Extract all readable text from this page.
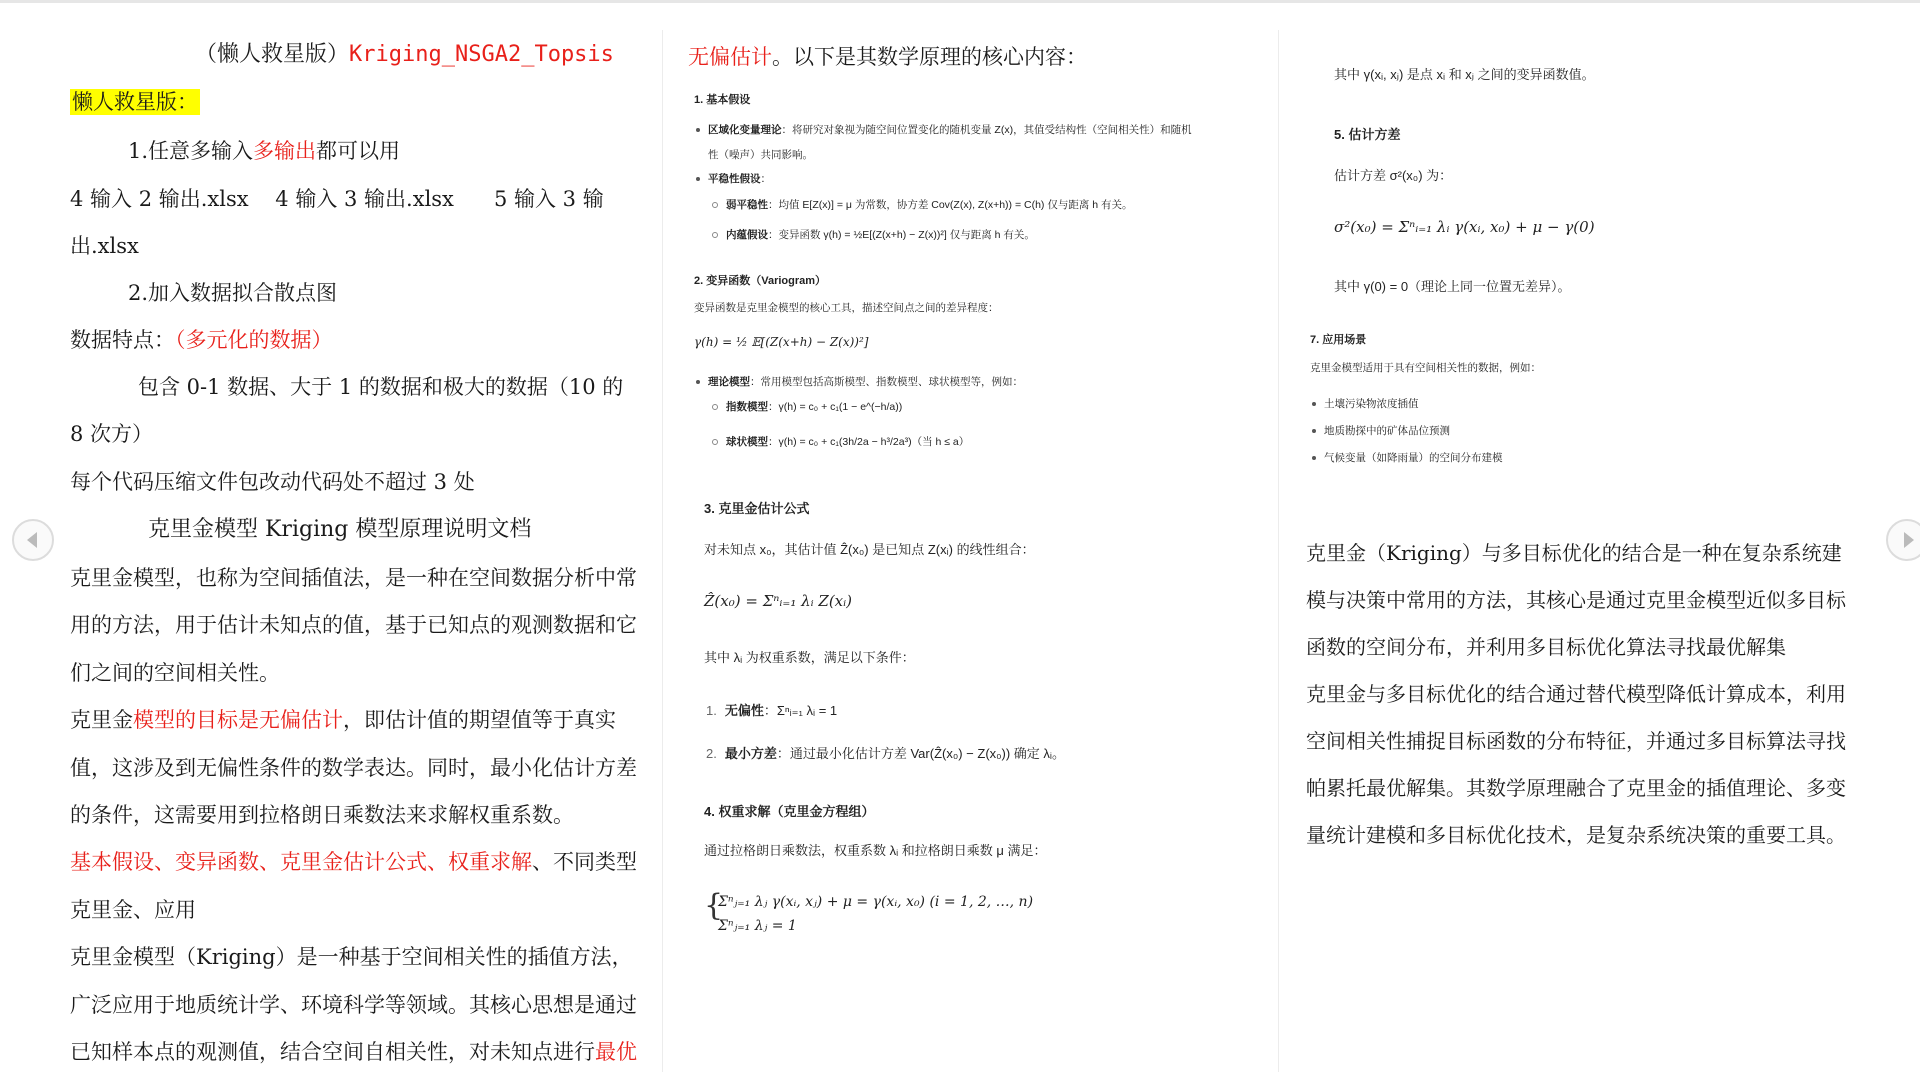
（懒人救星版）Kriging_NSGA2_Topsis
懒人救星版：
1.任意多输入多输出都可以用
4 输入 2 输出.xlsx    4 输入 3 输出.xlsx      5 输入 3 输
出.xlsx
2.加入数据拟合散点图
数据特点：（多元化的数据）
包含 0-1 数据、大于 1 的数据和极大的数据（10 的
8 次方）
每个代码压缩文件包改动代码处不超过 3 处
克里金模型 Kriging 模型原理说明文档
克里金模型，也称为空间插值法，是一种在空间数据分析中常
用的方法，用于估计未知点的值，基于已知点的观测数据和它
们之间的空间相关性。
克里金模型的目标是无偏估计，即估计值的期望值等于真实
值，这涉及到无偏性条件的数学表达。同时，最小化估计方差
的条件，这需要用到拉格朗日乘数法来求解权重系数。
基本假设、变异函数、克里金估计公式、权重求解、不同类型
克里金、应用
克里金模型（Kriging）是一种基于空间相关性的插值方法，
广泛应用于地质统计学、环境科学等领域。其核心思想是通过
已知样本点的观测值，结合空间自相关性，对未知点进行最优
无偏估计。以下是其数学原理的核心内容：
1. 基本假设
区域化变量理论：将研究对象视为随空间位置变化的随机变量 Z(x)，其值受结构性（空间相关性）和随机
性（噪声）共同影响。
平稳性假设：
弱平稳性：均值 E[Z(x)] = μ 为常数，协方差 Cov(Z(x), Z(x+h)) = C(h) 仅与距离 h 有关。
内蕴假设：变异函数 γ(h) = ½E[(Z(x+h) − Z(x))²] 仅与距离 h 有关。
2. 变异函数（Variogram）
变异函数是克里金模型的核心工具，描述空间点之间的差异程度：
γ(h) = ½ 𝔼[(Z(x+h) − Z(x))²]
理论模型：常用模型包括高斯模型、指数模型、球状模型等，例如：
指数模型：γ(h) = c₀ + c₁(1 − e^(−h/a))
球状模型：γ(h) = c₀ + c₁(3h/2a − h³/2a³)（当 h ≤ a）
3. 克里金估计公式
对未知点 x₀，其估计值 Ẑ(x₀) 是已知点 Z(xᵢ) 的线性组合：
Ẑ(x₀) = Σⁿᵢ₌₁ λᵢ Z(xᵢ)
其中 λᵢ 为权重系数，满足以下条件：
1. 无偏性：Σⁿᵢ₌₁ λᵢ = 1
2. 最小方差：通过最小化估计方差 Var(Ẑ(x₀) − Z(x₀)) 确定 λᵢ。
4. 权重求解（克里金方程组）
通过拉格朗日乘数法，权重系数 λᵢ 和拉格朗日乘数 μ 满足：
{
Σⁿⱼ₌₁ λⱼ γ(xᵢ, xⱼ) + μ = γ(xᵢ, x₀) (i = 1, 2, …, n)
Σⁿⱼ₌₁ λⱼ = 1
其中 γ(xᵢ, xⱼ) 是点 xᵢ 和 xⱼ 之间的变异函数值。
5. 估计方差
估计方差 σ²(x₀) 为：
σ²(x₀) = Σⁿᵢ₌₁ λᵢ γ(xᵢ, x₀) + μ − γ(0)
其中 γ(0) = 0（理论上同一位置无差异）。
7. 应用场景
克里金模型适用于具有空间相关性的数据，例如：
土壤污染物浓度插值
地质勘探中的矿体品位预测
气候变量（如降雨量）的空间分布建模
克里金（Kriging）与多目标优化的结合是一种在复杂系统建
模与决策中常用的方法，其核心是通过克里金模型近似多目标
函数的空间分布，并利用多目标优化算法寻找最优解集
克里金与多目标优化的结合通过替代模型降低计算成本，利用
空间相关性捕捉目标函数的分布特征，并通过多目标算法寻找
帕累托最优解集。其数学原理融合了克里金的插值理论、多变
量统计建模和多目标优化技术，是复杂系统决策的重要工具。
